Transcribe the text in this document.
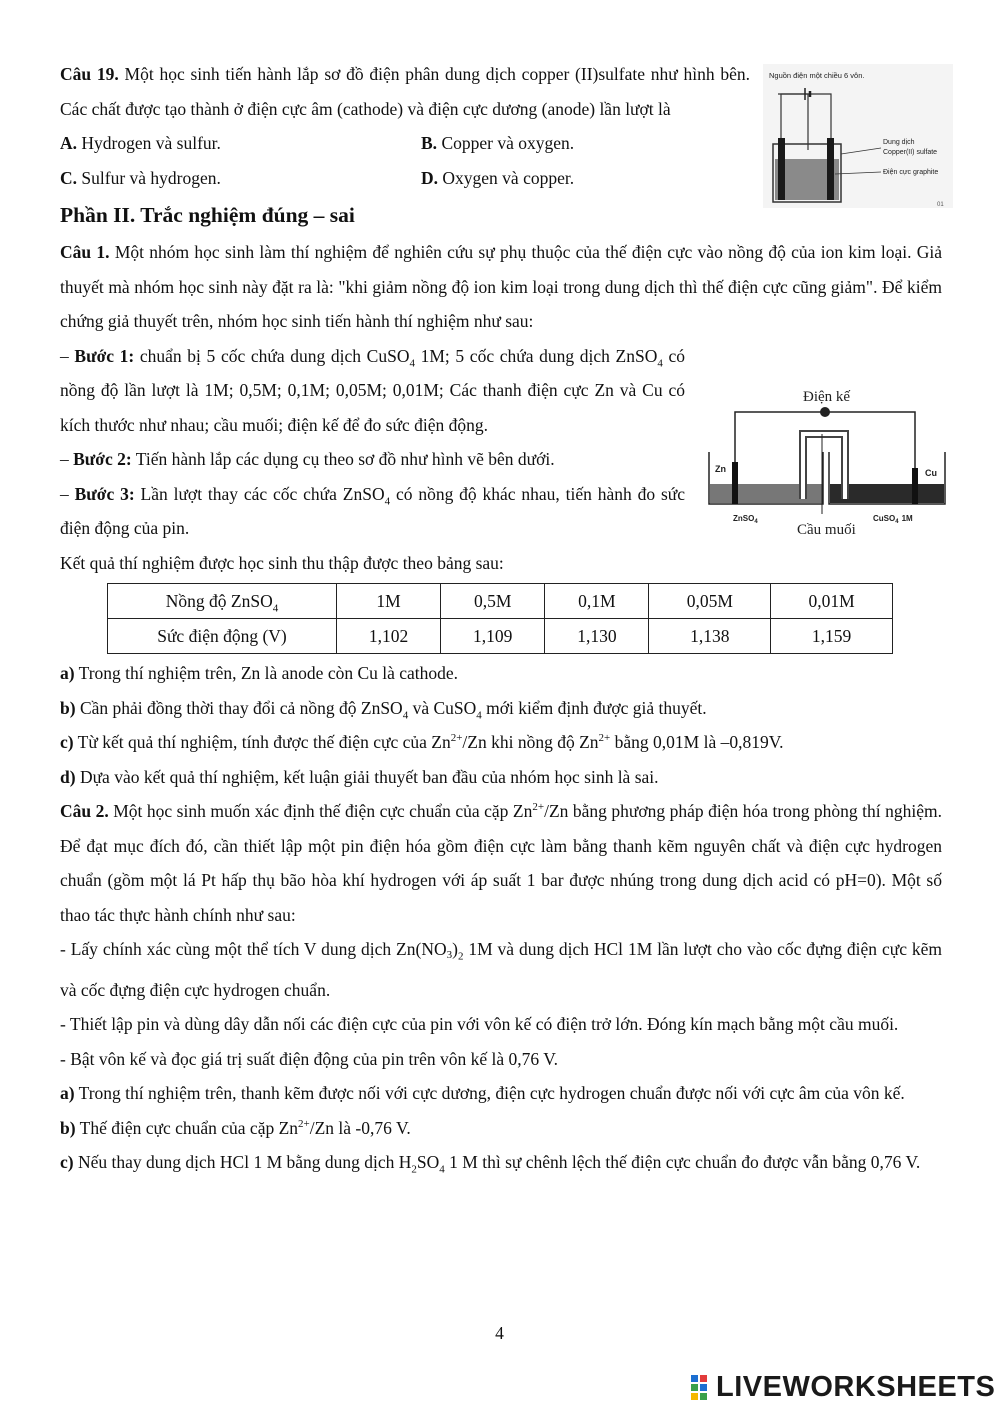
Câu 19. Một học sinh tiến hành lắp sơ đồ điện phân dung dịch copper (II)sulfate như hình bên. Các chất được tạo thành ở điện cực âm (cathode) và điện cực dương (anode) lần lượt là

A. Hydrogen và sulfur.	B. Copper và oxygen.
C. Sulfur và hydrogen.	D. Oxygen và copper.
Phần II. Trắc nghiệm đúng – sai

Câu 1. Một nhóm học sinh làm thí nghiệm để nghiên cứu sự phụ thuộc của thế điện cực vào nồng độ của ion kim loại. Giả thuyết mà nhóm học sinh này đặt ra là: "khi giảm nồng độ ion kim loại trong dung dịch thì thế điện cực cũng giảm". Để kiểm chứng giả thuyết trên, nhóm học sinh tiến hành thí nghiệm như sau:

– Bước 1: chuẩn bị 5 cốc chứa dung dịch CuSO$_4$ 1M; 5 cốc chứa dung dịch ZnSO$_4$ có nồng độ lần lượt là 1M; 0,5M; 0,1M; 0,05M; 0,01M; Các thanh điện cực Zn và Cu có kích thước như nhau; cầu muối; điện kế để đo sức điện động.

– Bước 2: Tiến hành lắp các dụng cụ theo sơ đồ như hình vẽ bên dưới.

– Bước 3: Lần lượt thay các cốc chứa ZnSO$_4$ có nồng độ khác nhau, tiến hành đo sức điện động của pin.

Kết quả thí nghiệm được học sinh thu thập được theo bảng sau:

Nồng độ ZnSO$_4$	1M	0,5M	0,1M	0,05M	0,01M
Sức điện động (V)	1,102	1,109	1,130	1,138	1,159

a) Trong thí nghiệm trên, Zn là anode còn Cu là cathode.

b) Cần phải đồng thời thay đổi cả nồng độ ZnSO$_4$ và CuSO$_4$ mới kiểm định được giả thuyết.

c) Từ kết quả thí nghiệm, tính được thế điện cực của $Zn^{2+}/Zn$ khi nồng độ $Zn^{2+}$ bằng 0,01M là –0,819V.

d) Dựa vào kết quả thí nghiệm, kết luận giải thuyết ban đầu của nhóm học sinh là sai.

Câu 2. Một học sinh muốn xác định thế điện cực chuẩn của cặp $Zn^{2+}/Zn$ bằng phương pháp điện hóa trong phòng thí nghiệm. Để đạt mục đích đó, cần thiết lập một pin điện hóa gồm điện cực làm bằng thanh kẽm nguyên chất và điện cực hydrogen chuẩn (gồm một lá Pt hấp thụ bão hòa khí hydrogen với áp suất 1 bar được nhúng trong dung dịch acid có pH=0). Một số thao tác thực hành chính như sau:

- Lấy chính xác cùng một thể tích V dung dịch $Zn(NO3)_2$ 1M và dung dịch HCl 1M lần lượt cho vào cốc đựng điện cực kẽm và cốc đựng điện cực hydrogen chuẩn.

- Thiết lập pin và dùng dây dẫn nối các điện cực của pin với vôn kế có điện trở lớn. Đóng kín mạch bằng một cầu muối.

- Bật vôn kế và đọc giá trị suất điện động của pin trên vôn kế là 0,76 V.

a) Trong thí nghiệm trên, thanh kẽm được nối với cực dương, điện cực hydrogen chuẩn được nối với cực âm của vôn kế.

b) Thế điện cực chuẩn của cặp $Zn^{2+}/Zn$ là -0,76 V.

c) Nếu thay dung dịch HCl 1 M bằng dung dịch $H_2SO_4$ 1 M thì sự chênh lệch thế điện cực chuẩn đo được vẫn bằng 0,76 V.

Nguồn điện một chiều 6 vôn.
Dung dịch
Copper(II) sulfate
Điện cực graphite
01
Điện kế
Zn	Cu
ZnSO$_4$	CuSO$_4$ 1M
Cầu muối
4
LIVEWORKSHEETS
